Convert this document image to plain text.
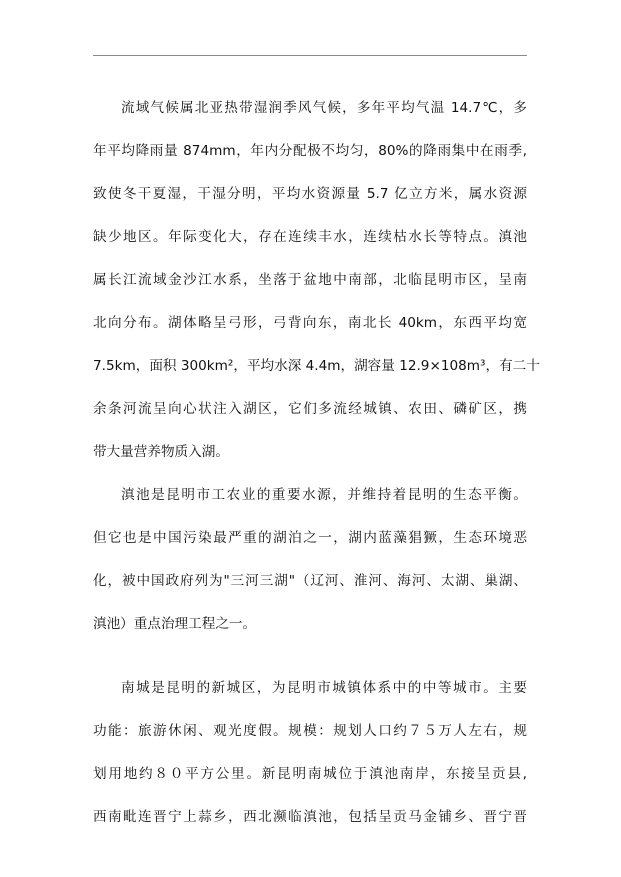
流域气候属北亚热带湿润季风气候，多年平均气温 14.7℃，多
年平均降雨量 874mm，年内分配极不均匀，80%的降雨集中在雨季,
致使冬干夏湿，干湿分明，平均水资源量 5.7 亿立方米，属水资源
缺少地区。年际变化大，存在连续丰水，连续枯水长等特点。滇池
属长江流域金沙江水系，坐落于盆地中南部，北临昆明市区，呈南
北向分布。湖体略呈弓形，弓背向东，南北长 40km，东西平均宽
7.5km，面积 300km²，平均水深 4.4m，湖容量 12.9×108m³，有二十
余条河流呈向心状注入湖区，它们多流经城镇、农田、磷矿区，携
带大量营养物质入湖。
滇池是昆明市工农业的重要水源，并维持着昆明的生态平衡。
但它也是中国污染最严重的湖泊之一，湖内蓝藻猖獗，生态环境恶
化，被中国政府列为"三河三湖"（辽河、淮河、海河、太湖、巢湖、
滇池）重点治理工程之一。
南城是昆明的新城区，为昆明市城镇体系中的中等城市。主要
功能：旅游休闲、观光度假。规模：规划人口约７５万人左右，规
划用地约８０平方公里。新昆明南城位于滇池南岸，东接呈贡县,
西南毗连晋宁上蒜乡，西北濒临滇池，包括呈贡马金铺乡、晋宁晋
